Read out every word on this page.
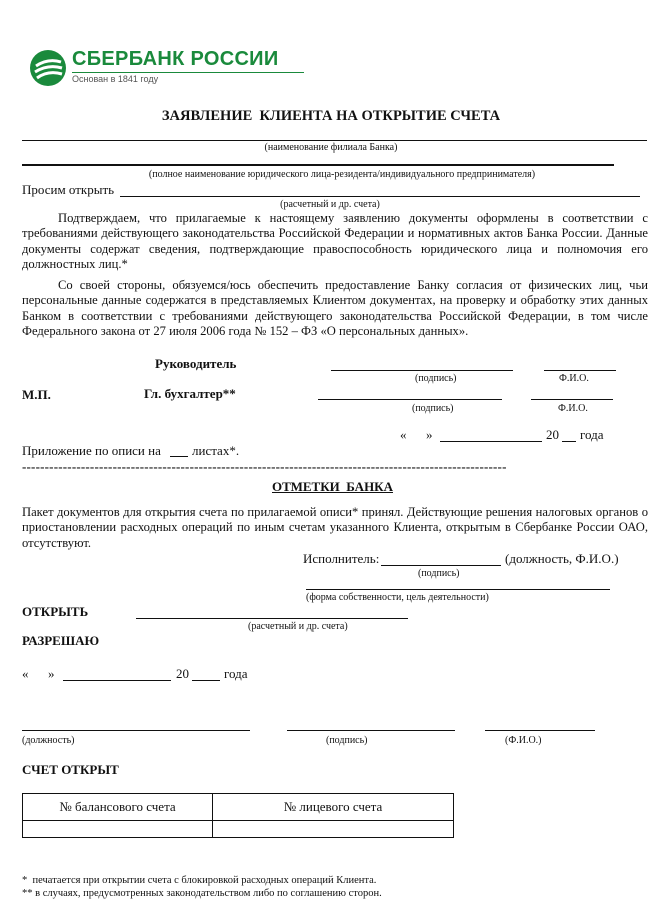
СБЕРБАНК РОССИИ
Основан в 1841 году
ЗАЯВЛЕНИЕ  КЛИЕНТА НА ОТКРЫТИЕ СЧЕТА
(наименование филиала Банка)
(полное наименование юридического лица-резидента/индивидуального предпринимателя)
Просим открыть
(расчетный и др. счета)
Подтверждаем, что прилагаемые к настоящему заявлению документы оформлены в соответствии с требованиями действующего законодательства Российской Федерации и нормативных актов Банка России. Данные документы содержат сведения, подтверждающие правоспособность юридического лица и полномочия его должностных лиц.*
Со своей стороны, обязуемся/юсь обеспечить предоставление Банку согласия от физических лиц, чьи персональные данные содержатся в представляемых Клиентом документах, на проверку и обработку этих данных Банком в соответствии с требованиями действующего законодательства Российской Федерации, в том числе Федерального закона от 27 июля 2006 года № 152 – ФЗ «О персональных данных».
Руководитель
(подпись)	Ф.И.О.
М.П.	Гл. бухгалтер**
(подпись)	Ф.И.О.
«      »	20 года
Приложение по описи на листах*.
-----------------------------------------------------------------------------------------------------------
ОТМЕТКИ  БАНКА
Пакет документов для открытия счета по прилагаемой описи* принял. Действующие решения налоговых органов о приостановлении расходных операций по иным счетам указанного Клиента, открытым в Сбербанке России ОАО, отсутствуют.
Исполнитель:	(должность, Ф.И.О.)
(подпись)
(форма собственности, цель деятельности)
ОТКРЫТЬ
(расчетный и др. счета)
РАЗРЕШАЮ
«      »	20	года
(должность)	(подпись)	(Ф.И.О.)
СЧЕТ ОТКРЫТ
№ балансового счета	№ лицевого счета

*  печатается при открытии счета с блокировкой расходных операций Клиента.
** в случаях, предусмотренных законодательством либо по соглашению сторон.
